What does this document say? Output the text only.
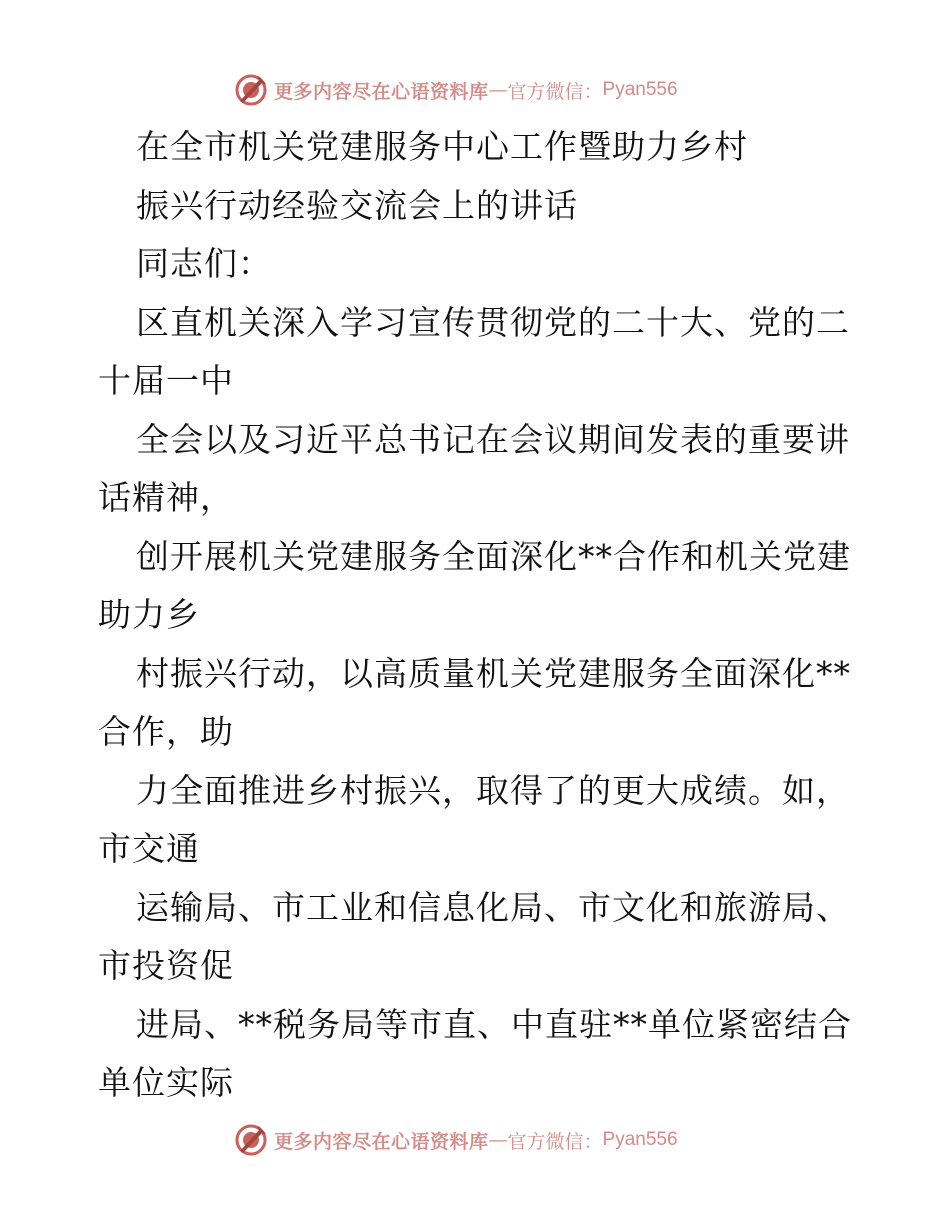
更多内容尽在心语资料库 — 官方微信： Pyan556
在全市机关党建服务中心工作暨助力乡村
振兴行动经验交流会上的讲话
同志们：
区直机关深入学习宣传贯彻党的二十大、党的二
十届一中
全会以及习近平总书记在会议期间发表的重要讲
话精神，
创开展机关党建服务全面深化**合作和机关党建
助力乡
村振兴行动，以高质量机关党建服务全面深化**
合作，助
力全面推进乡村振兴，取得了的更大成绩。如，
市交通
运输局、市工业和信息化局、市文化和旅游局、
市投资促
进局、**税务局等市直、中直驻**单位紧密结合
单位实际
更多内容尽在心语资料库 — 官方微信： Pyan556
